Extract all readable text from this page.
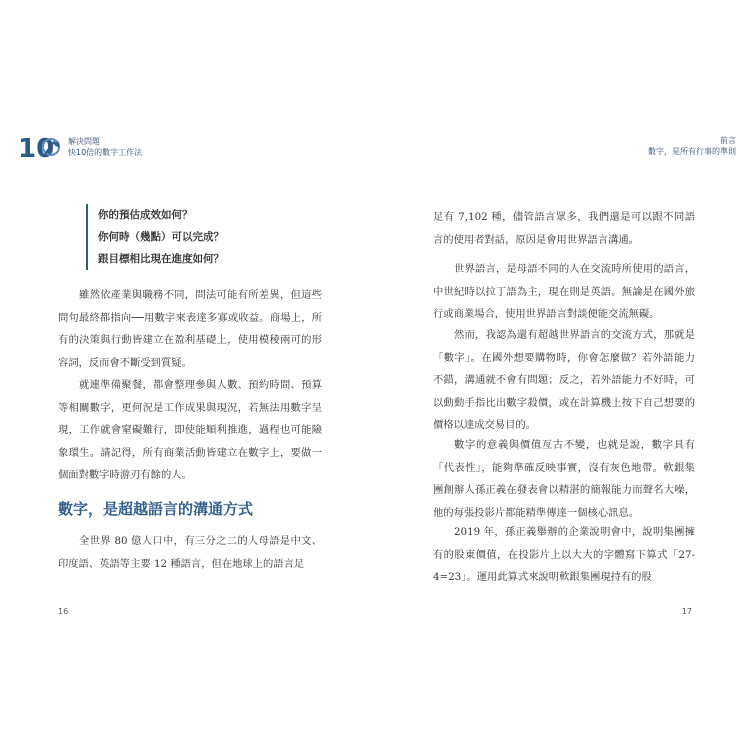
10 解決問題
快10倍的數字工作法
你的預估成效如何？
你何時（幾點）可以完成？
跟目標相比現在進度如何？
雖然依產業與職務不同，問法可能有所差異，但這些問句最終都指向──用數字來表達多寡或收益。商場上，所有的決策與行動皆建立在盈利基礎上，使用模稜兩可的形容詞，反而會不斷受到質疑。
就連準備聚餐，都會整理參與人數、預約時間、預算等相關數字，更何況是工作成果與現況，若無法用數字呈現，工作就會窒礙難行，即使能順利推進，過程也可能險象環生。請記得，所有商業活動皆建立在數字上，要做一個面對數字時游刃有餘的人。
數字，是超越語言的溝通方式
全世界 80 億人口中，有三分之二的人母語是中文、印度語、英語等主要 12 種語言，但在地球上的語言足
16
前言
數字，是所有行事的準則
足有 7,102 種，儘管語言眾多，我們還是可以跟不同語言的使用者對話，原因是會用世界語言溝通。
世界語言，是母語不同的人在交流時所使用的語言，中世紀時以拉丁語為主，現在則是英語。無論是在國外旅行或商業場合，使用世界語言對談便能交流無礙。
然而，我認為還有超越世界語言的交流方式，那就是「數字」。在國外想要購物時，你會怎麼做？若外語能力不錯，溝通就不會有問題；反之，若外語能力不好時，可以動動手指比出數字殺價，或在計算機上按下自己想要的價格以達成交易目的。
數字的意義與價值亙古不變，也就是說，數字具有「代表性」，能夠準確反映事實，沒有灰色地帶。軟銀集團創辦人孫正義在發表會以精湛的簡報能力而聲名大噪，他的每張投影片都能精準傳達一個核心訊息。
2019 年，孫正義舉辦的企業說明會中，說明集團擁有的股東價值，在投影片上以大大的字體寫下算式「27-4=23」。運用此算式來說明軟銀集團現持有的股
17
